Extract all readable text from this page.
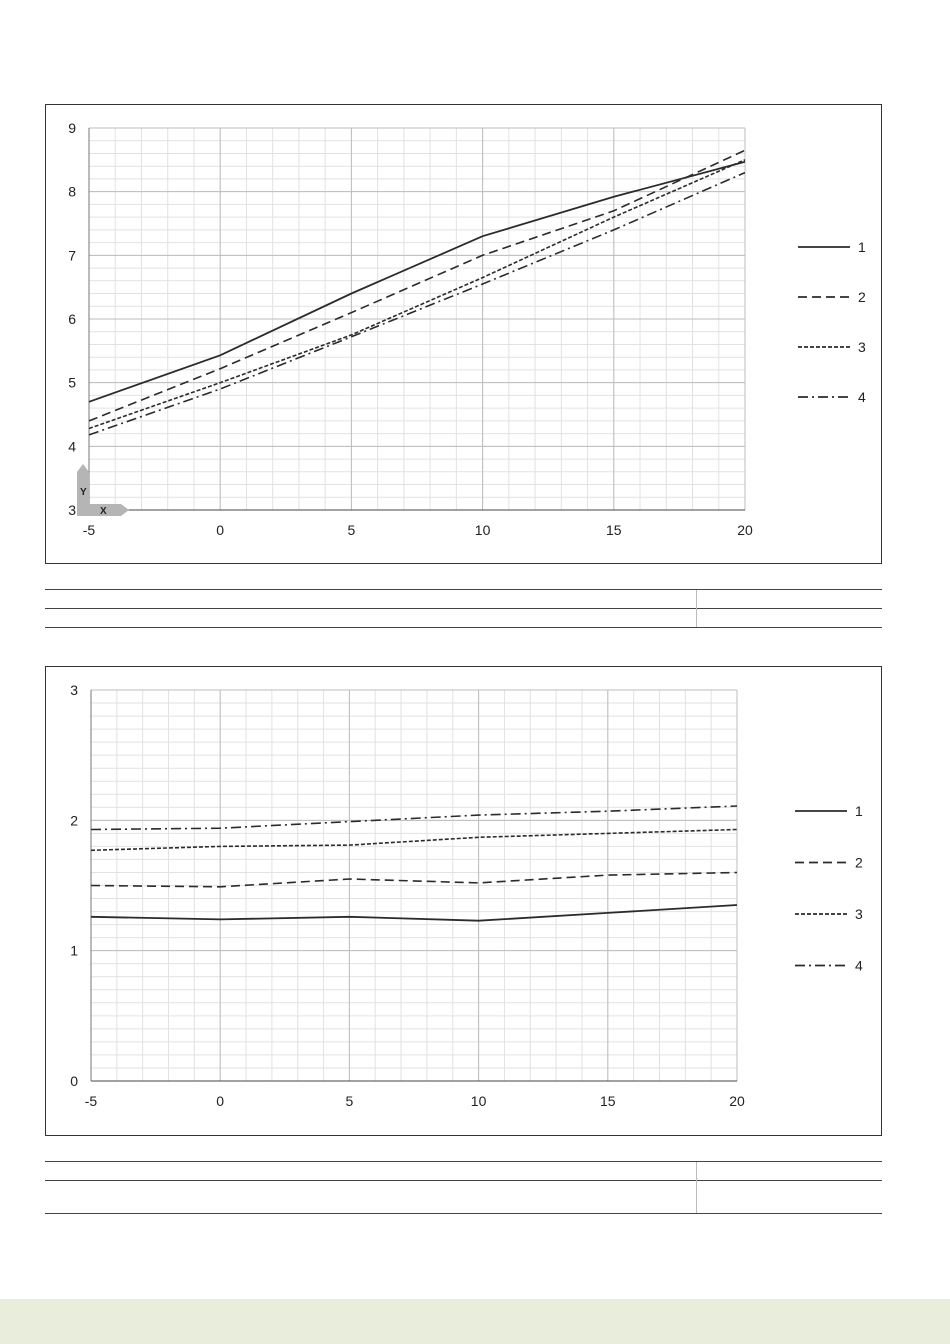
-5	0	5	10	15	20
3
4
5
6
7
8
9
1
2
3
4
Y
X
-5	0	5	10	15	20
0
1
2
3
1
2
3
4
